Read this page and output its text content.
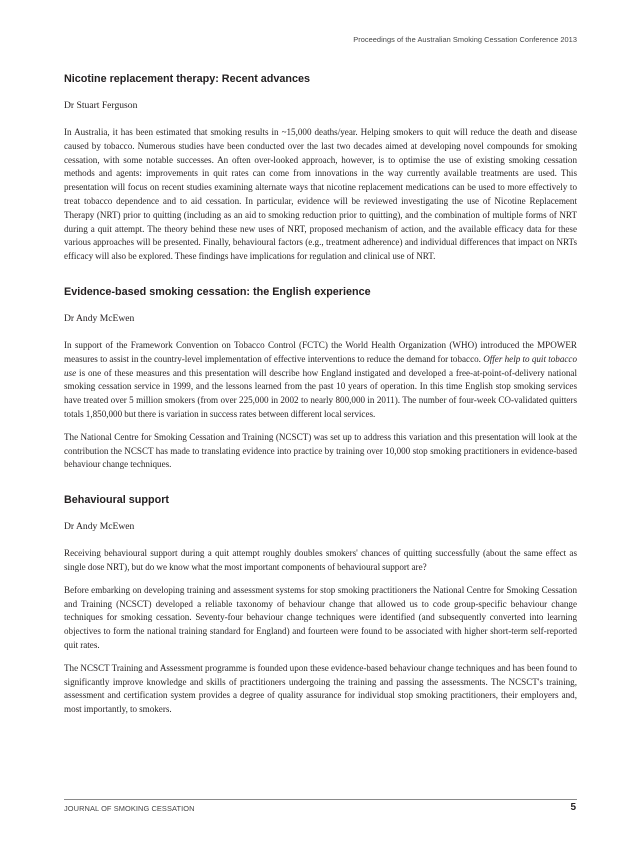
Proceedings of the Australian Smoking Cessation Conference 2013
Nicotine replacement therapy: Recent advances
Dr Stuart Ferguson

In Australia, it has been estimated that smoking results in ~15,000 deaths/year. Helping smokers to quit will reduce the death and disease caused by tobacco. Numerous studies have been conducted over the last two decades aimed at developing novel compounds for smoking cessation, with some notable successes. An often over-looked approach, however, is to optimise the use of existing smoking cessation methods and agents: improvements in quit rates can come from innovations in the way currently available treatments are used. This presentation will focus on recent studies examining alternate ways that nicotine replacement medications can be used to more effectively to treat tobacco dependence and to aid cessation. In particular, evidence will be reviewed investigating the use of Nicotine Replacement Therapy (NRT) prior to quitting (including as an aid to smoking reduction prior to quitting), and the combination of multiple forms of NRT during a quit attempt. The theory behind these new uses of NRT, proposed mechanism of action, and the available efficacy data for these various approaches will be presented. Finally, behavioural factors (e.g., treatment adherence) and individual differences that impact on NRTs efficacy will also be explored. These findings have implications for regulation and clinical use of NRT.

Evidence-based smoking cessation: the English experience
Dr Andy McEwen

In support of the Framework Convention on Tobacco Control (FCTC) the World Health Organization (WHO) introduced the MPOWER measures to assist in the country-level implementation of effective interventions to reduce the demand for tobacco. Offer help to quit tobacco use is one of these measures and this presentation will describe how England instigated and developed a free-at-point-of-delivery national smoking cessation service in 1999, and the lessons learned from the past 10 years of operation. In this time English stop smoking services have treated over 5 million smokers (from over 225,000 in 2002 to nearly 800,000 in 2011). The number of four-week CO-validated quitters totals 1,850,000 but there is variation in success rates between different local services.

The National Centre for Smoking Cessation and Training (NCSCT) was set up to address this variation and this presentation will look at the contribution the NCSCT has made to translating evidence into practice by training over 10,000 stop smoking practitioners in evidence-based behaviour change techniques.

Behavioural support
Dr Andy McEwen

Receiving behavioural support during a quit attempt roughly doubles smokers' chances of quitting successfully (about the same effect as single dose NRT), but do we know what the most important components of behavioural support are?

Before embarking on developing training and assessment systems for stop smoking practitioners the National Centre for Smoking Cessation and Training (NCSCT) developed a reliable taxonomy of behaviour change that allowed us to code group-specific behaviour change techniques for smoking cessation. Seventy-four behaviour change techniques were identified (and subsequently converted into learning objectives to form the national training standard for England) and fourteen were found to be associated with higher short-term self-reported quit rates.

The NCSCT Training and Assessment programme is founded upon these evidence-based behaviour change techniques and has been found to significantly improve knowledge and skills of practitioners undergoing the training and passing the assessments. The NCSCT's training, assessment and certification system provides a degree of quality assurance for individual stop smoking practitioners, their employers and, most importantly, to smokers.

JOURNAL OF SMOKING CESSATION	5
